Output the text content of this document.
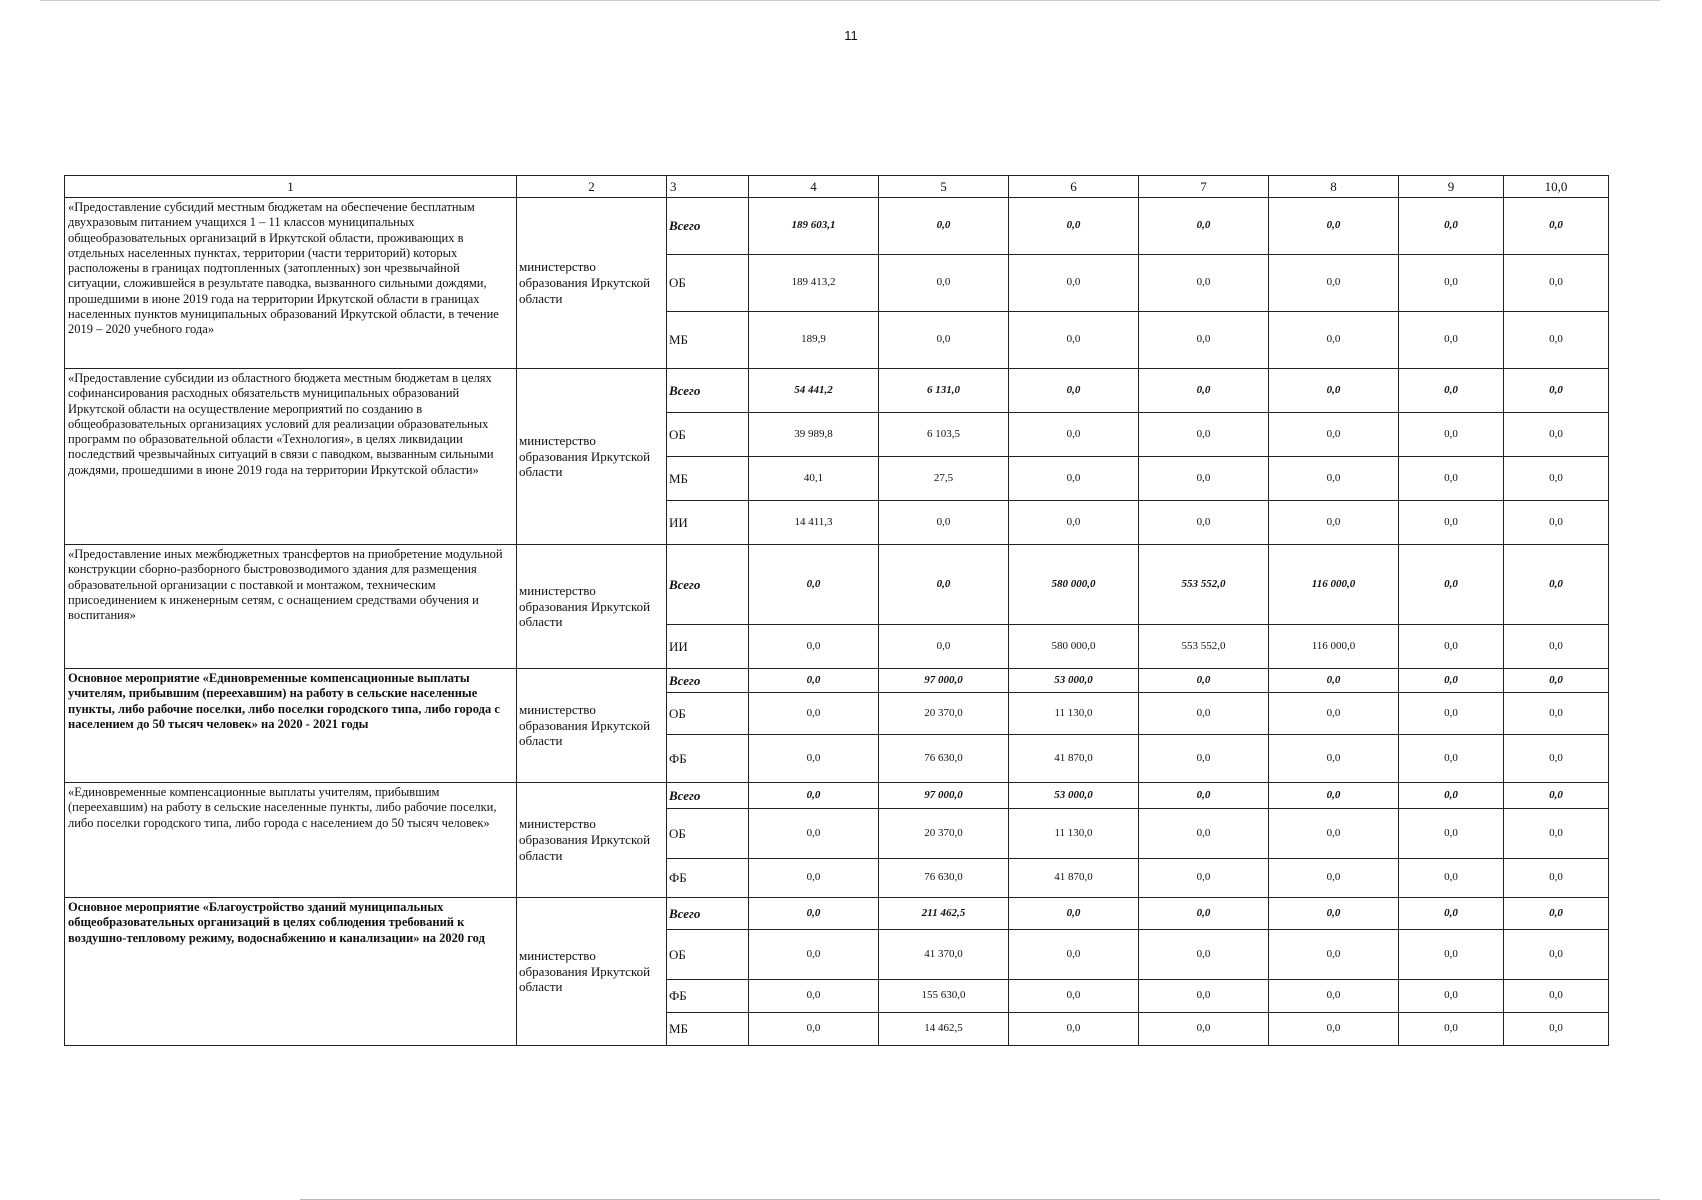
11
1	2	3	4	5	6	7	8	9	10,0
«Предоставление субсидий местным бюджетам на обеспечение бесплатным двухразовым питанием учащихся 1 – 11 классов муниципальных общеобразовательных организаций в Иркутской области, проживающих в отдельных населенных пунктах, территории (части территорий) которых расположены в границах подтопленных (затопленных) зон чрезвычайной ситуации, сложившейся в результате паводка, вызванного сильными дождями, прошедшими в июне 2019 года на территории Иркутской области в границах населенных пунктов муниципальных образований Иркутской области, в течение 2019 – 2020 учебного года»	министерство образования Иркутской области	Всего	189 603,1	0,0	0,0	0,0	0,0	0,0	0,0
		ОБ	189 413,2	0,0	0,0	0,0	0,0	0,0	0,0
		МБ	189,9	0,0	0,0	0,0	0,0	0,0	0,0
«Предоставление субсидии из областного бюджета местным бюджетам в целях софинансирования расходных обязательств муниципальных образований Иркутской области на осуществление мероприятий по созданию в общеобразовательных организациях условий для реализации образовательных программ по образовательной области «Технология», в целях ликвидации последствий чрезвычайных ситуаций в связи с паводком, вызванным сильными дождями, прошедшими в июне 2019 года на территории Иркутской области»	министерство образования Иркутской области	Всего	54 441,2	6 131,0	0,0	0,0	0,0	0,0	0,0
		ОБ	39 989,8	6 103,5	0,0	0,0	0,0	0,0	0,0
		МБ	40,1	27,5	0,0	0,0	0,0	0,0	0,0
		ИИ	14 411,3	0,0	0,0	0,0	0,0	0,0	0,0
«Предоставление иных межбюджетных трансфертов на приобретение модульной конструкции сборно-разборного быстровозводимого здания для размещения образовательной организации с поставкой и монтажом, техническим присоединением к инженерным сетям, с оснащением средствами обучения и воспитания»	министерство образования Иркутской области	Всего	0,0	0,0	580 000,0	553 552,0	116 000,0	0,0	0,0
		ИИ	0,0	0,0	580 000,0	553 552,0	116 000,0	0,0	0,0
Основное мероприятие «Единовременные компенсационные выплаты учителям, прибывшим (переехавшим) на работу в сельские населенные пункты, либо рабочие поселки, либо поселки городского типа, либо города с населением до 50 тысяч человек» на 2020 - 2021 годы	министерство образования Иркутской области	Всего	0,0	97 000,0	53 000,0	0,0	0,0	0,0	0,0
		ОБ	0,0	20 370,0	11 130,0	0,0	0,0	0,0	0,0
		ФБ	0,0	76 630,0	41 870,0	0,0	0,0	0,0	0,0
«Единовременные компенсационные выплаты учителям, прибывшим (переехавшим) на работу в сельские населенные пункты, либо рабочие поселки, либо поселки городского типа, либо города с населением до 50 тысяч человек»	министерство образования Иркутской области	Всего	0,0	97 000,0	53 000,0	0,0	0,0	0,0	0,0
		ОБ	0,0	20 370,0	11 130,0	0,0	0,0	0,0	0,0
		ФБ	0,0	76 630,0	41 870,0	0,0	0,0	0,0	0,0
Основное мероприятие «Благоустройство зданий муниципальных общеобразовательных организаций в целях соблюдения требований к воздушно-тепловому режиму, водоснабжению и канализации» на 2020 год	министерство образования Иркутской области	Всего	0,0	211 462,5	0,0	0,0	0,0	0,0	0,0
		ОБ	0,0	41 370,0	0,0	0,0	0,0	0,0	0,0
		ФБ	0,0	155 630,0	0,0	0,0	0,0	0,0	0,0
		МБ	0,0	14 462,5	0,0	0,0	0,0	0,0	0,0
